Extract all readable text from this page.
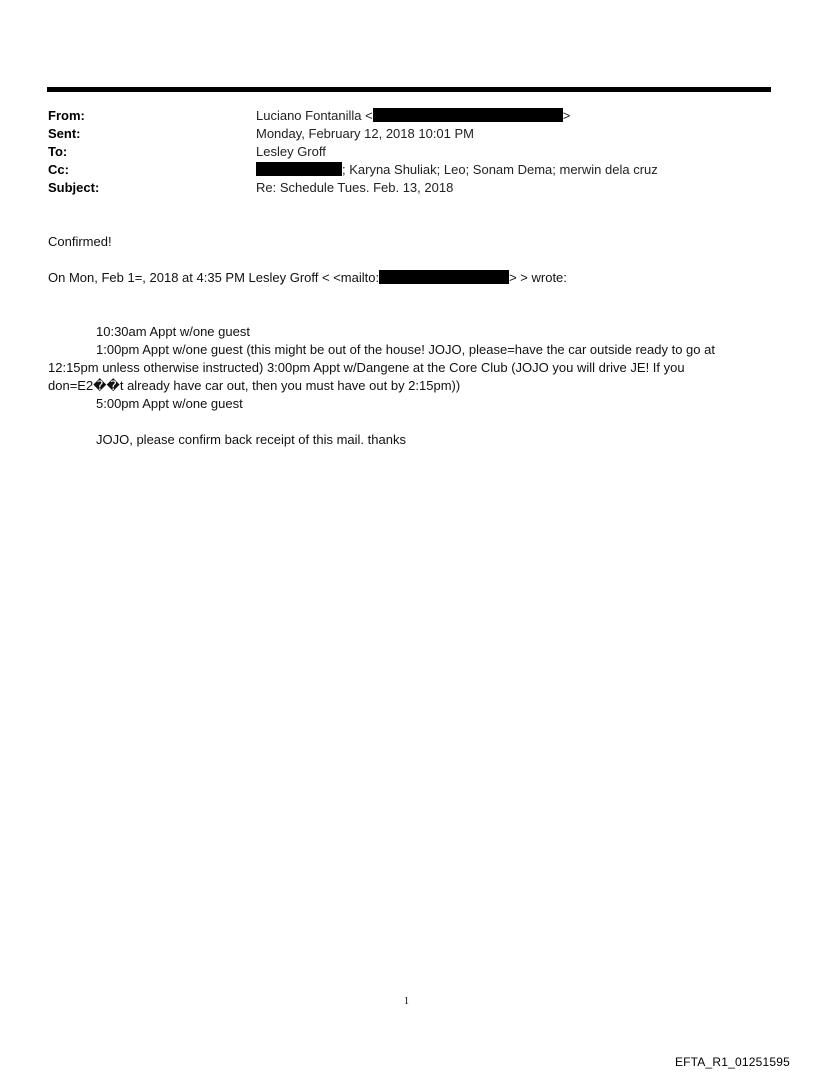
From:	Luciano Fontanilla <	>
Sent:	Monday, February 12, 2018 10:01 PM
To:	Lesley Groff
Cc:	; Karyna Shuliak; Leo; Sonam Dema; merwin dela cruz
Subject:	Re: Schedule Tues. Feb. 13, 2018
Confirmed!
On Mon, Feb 1=, 2018 at 4:35 PM Lesley Groff < <mailto:	> > wrote:
10:30am Appt w/one guest
1:00pm Appt w/one guest (this might be out of the house! JOJO, please=have the car outside ready to go at
12:15pm unless otherwise instructed) 3:00pm Appt w/Dangene at the Core Club (JOJO you will drive JE! If you
don=E2��t already have car out, then you must have out by 2:15pm))
5:00pm Appt w/one guest
JOJO, please confirm back receipt of this mail. thanks
1
EFTA_R1_01251595
